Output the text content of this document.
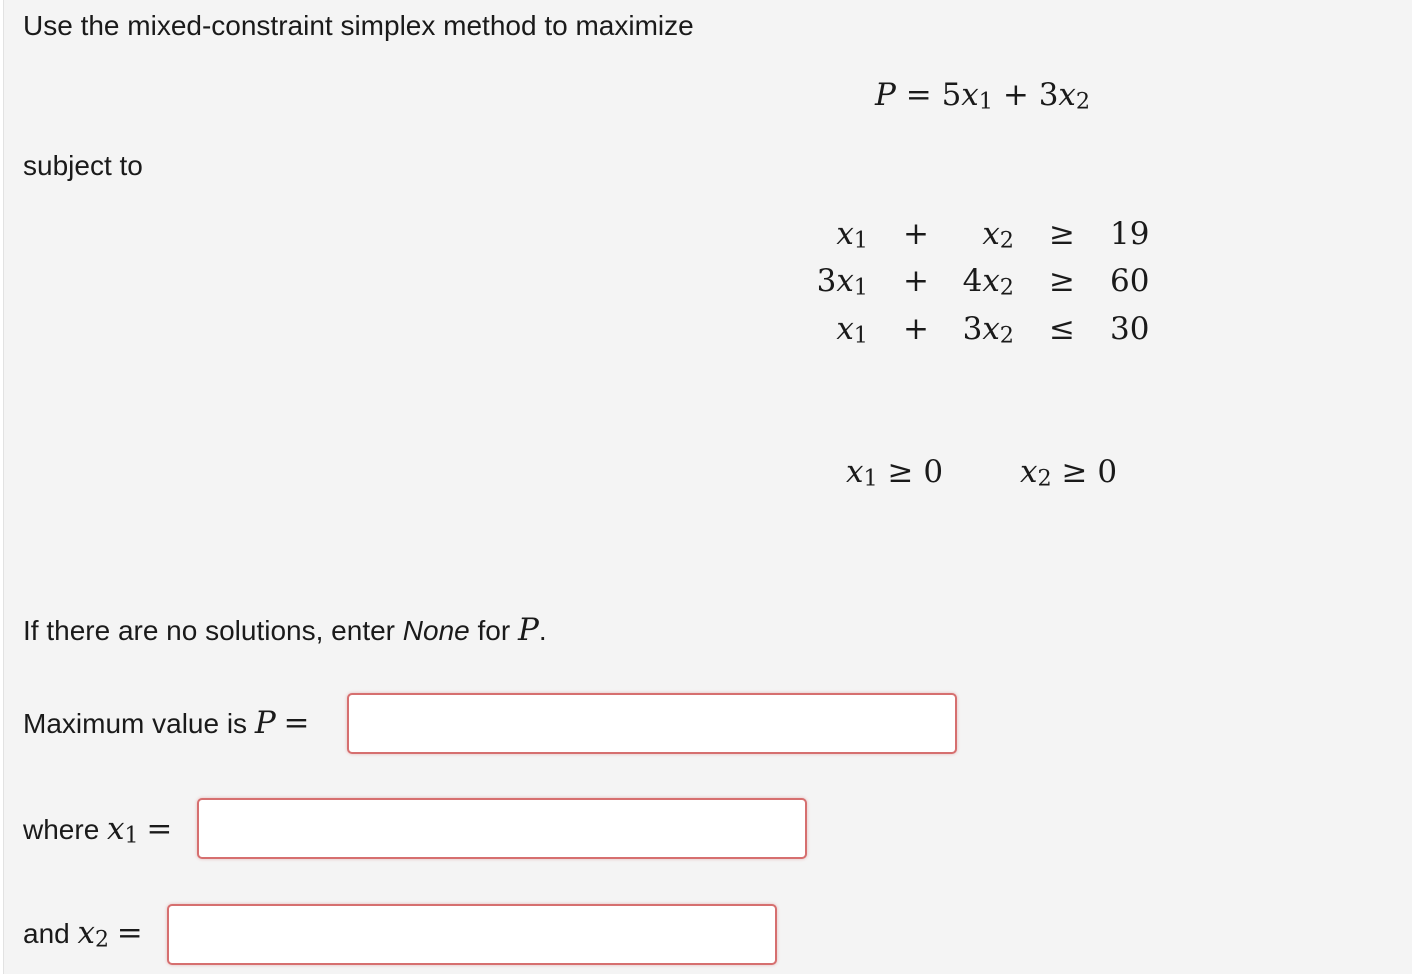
Use the mixed-constraint simplex method to maximize
$P = 5x_1 + 3x_2$
subject to
$x_1$ +	$x_2 \ge 19$
$3x_1$ +	$4x_2 \ge 60$
$x_1$ +	$3x_2 \le 30$
$x_1 \ge 0$ $x_2 \ge 0$
If there are no solutions, enter None for P.
Maximum value is P =
where $x_1$ =
and $x_2$ =
